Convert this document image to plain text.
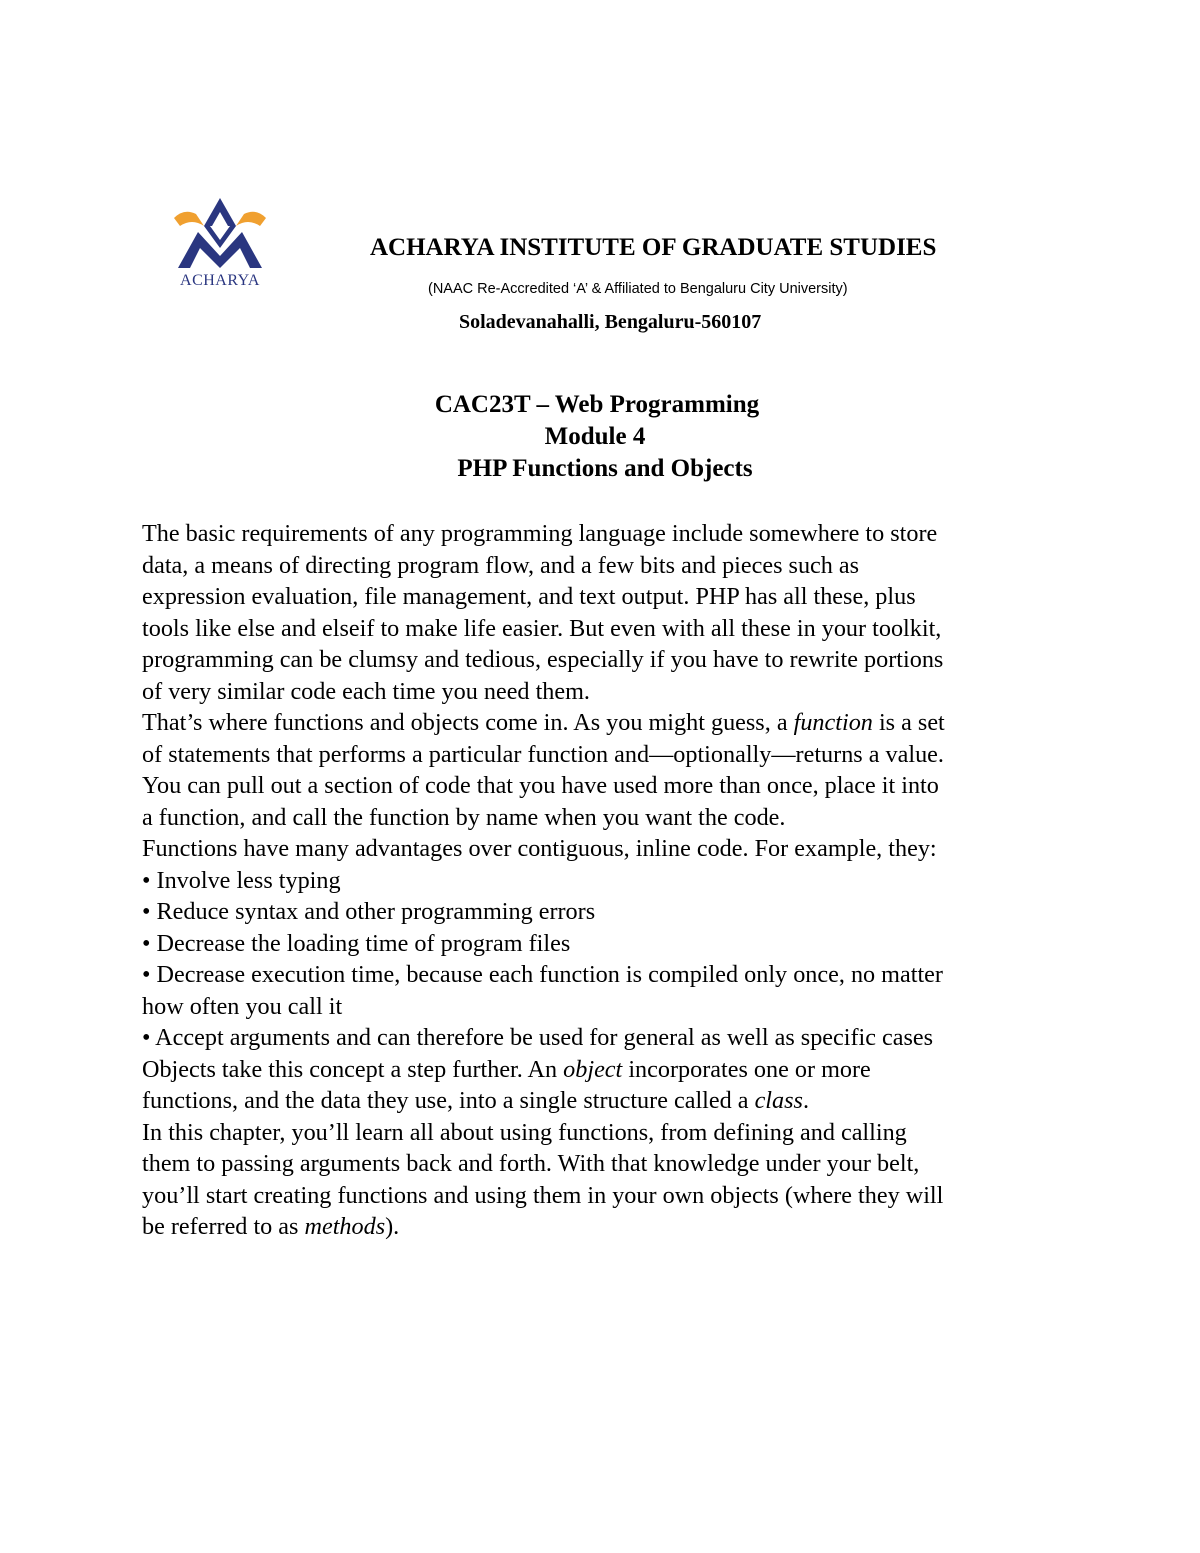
ACHARYA
ACHARYA INSTITUTE OF GRADUATE STUDIES
(NAAC Re-Accredited ‘A’ & Affiliated to Bengaluru City University)
Soladevanahalli, Bengaluru-560107
CAC23T – Web Programming
Module 4
PHP Functions and Objects
The basic requirements of any programming language include somewhere to store
data, a means of directing program flow, and a few bits and pieces such as
expression evaluation, file management, and text output. PHP has all these, plus
tools like else and elseif to make life easier. But even with all these in your toolkit,
programming can be clumsy and tedious, especially if you have to rewrite portions
of very similar code each time you need them.
That’s where functions and objects come in. As you might guess, a function is a set
of statements that performs a particular function and—optionally—returns a value.
You can pull out a section of code that you have used more than once, place it into
a function, and call the function by name when you want the code.
Functions have many advantages over contiguous, inline code. For example, they:
• Involve less typing
• Reduce syntax and other programming errors
• Decrease the loading time of program files
• Decrease execution time, because each function is compiled only once, no matter
how often you call it
• Accept arguments and can therefore be used for general as well as specific cases
Objects take this concept a step further. An object incorporates one or more
functions, and the data they use, into a single structure called a class.
In this chapter, you’ll learn all about using functions, from defining and calling
them to passing arguments back and forth. With that knowledge under your belt,
you’ll start creating functions and using them in your own objects (where they will
be referred to as methods).
